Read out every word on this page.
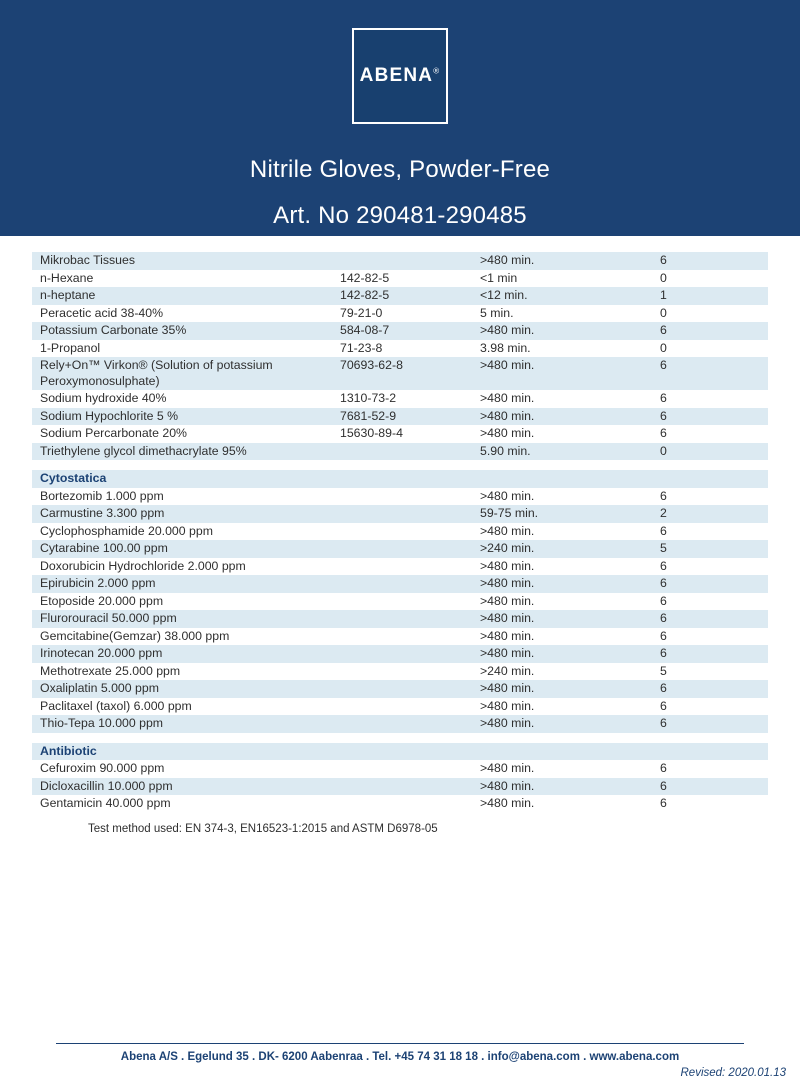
ABENA®
Nitrile Gloves, Powder-Free
Art. No 290481-290485
Mikrobac Tissues		>480 min.	6
n-Hexane	142-82-5	<1 min	0
n-heptane	142-82-5	<12 min.	1
Peracetic acid 38-40%	79-21-0	5 min.	0
Potassium Carbonate 35%	584-08-7	>480 min.	6
1-Propanol	71-23-8	3.98 min.	0
Rely+On™ Virkon® (Solution of potassium Peroxymonosulphate)	70693-62-8	>480 min.	6
Sodium hydroxide 40%	1310-73-2	>480 min.	6
Sodium Hypochlorite 5 %	7681-52-9	>480 min.	6
Sodium Percarbonate 20%	15630-89-4	>480 min.	6
Triethylene glycol dimethacrylate 95%		5.90 min.	0

Cytostatica			
Bortezomib 1.000 ppm		>480 min.	6
Carmustine 3.300 ppm		59-75 min.	2
Cyclophosphamide 20.000 ppm		>480 min.	6
Cytarabine 100.00 ppm		>240 min.	5
Doxorubicin Hydrochloride 2.000 ppm		>480 min.	6
Epirubicin 2.000 ppm		>480 min.	6
Etoposide 20.000 ppm		>480 min.	6
Flurorouracil 50.000 ppm		>480 min.	6
Gemcitabine(Gemzar) 38.000 ppm		>480 min.	6
Irinotecan 20.000 ppm		>480 min.	6
Methotrexate 25.000 ppm		>240 min.	5
Oxaliplatin 5.000 ppm		>480 min.	6
Paclitaxel (taxol) 6.000 ppm		>480 min.	6
Thio-Tepa 10.000 ppm		>480 min.	6

Antibiotic			
Cefuroxim 90.000 ppm		>480 min.	6
Dicloxacillin 10.000 ppm		>480 min.	6
Gentamicin 40.000 ppm		>480 min.	6
Test method used: EN 374-3, EN16523-1:2015 and ASTM D6978-05
Abena A/S . Egelund 35 . DK- 6200 Aabenraa . Tel. +45 74 31 18 18 . info@abena.com . www.abena.com
Revised: 2020.01.13
